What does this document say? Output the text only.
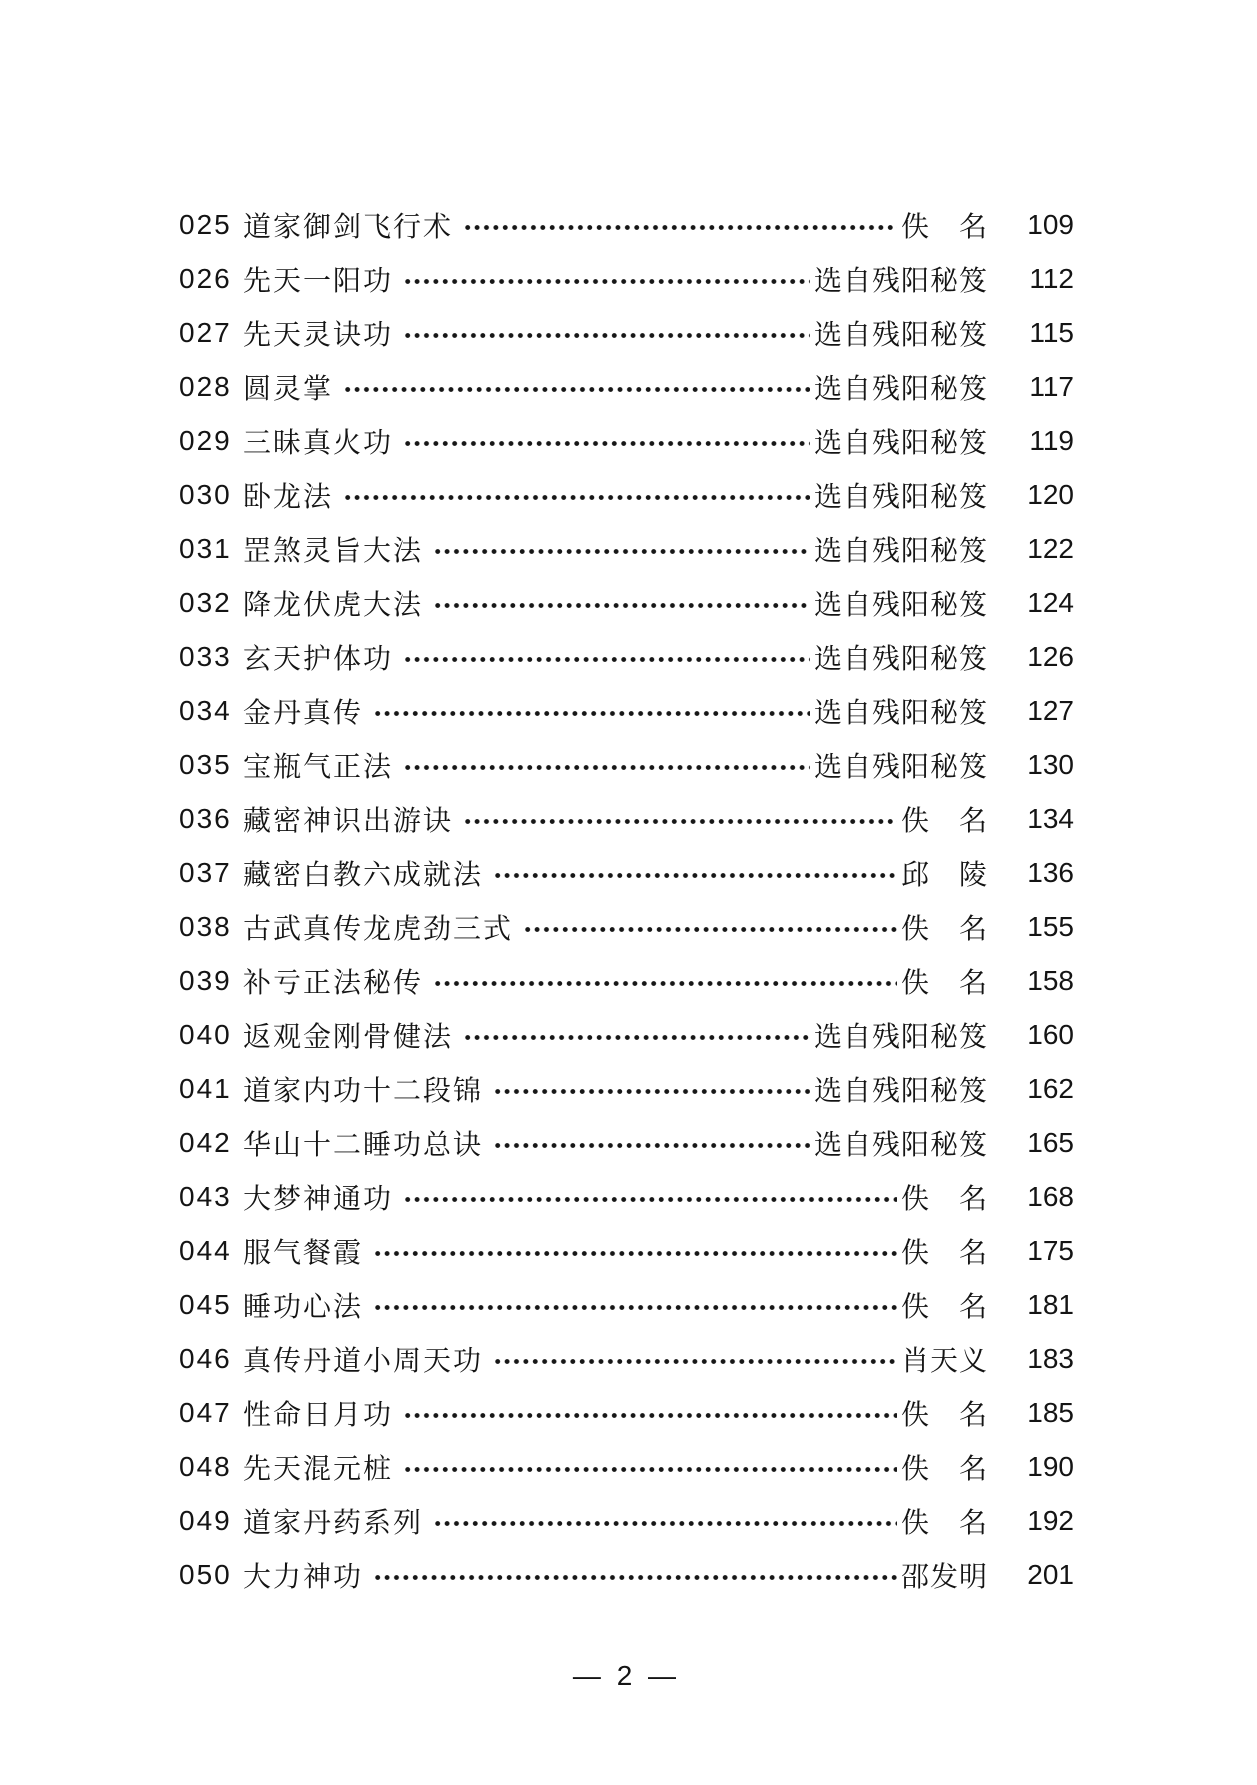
025 道家御剑飞行术	佚　名 109
026 先天一阳功	选自残阳秘笈	112
027 先天灵诀功	选自残阳秘笈	115
028 圆灵掌	选自残阳秘笈	117
029 三昧真火功	选自残阳秘笈	119
030 卧龙法	选自残阳秘笈 120
031 罡煞灵旨大法	选自残阳秘笈 122
032 降龙伏虎大法	选自残阳秘笈 124
033 玄天护体功	选自残阳秘笈 126
034 金丹真传	选自残阳秘笈 127
035 宝瓶气正法	选自残阳秘笈 130
036 藏密神识出游诀	佚　名 134
037 藏密白教六成就法	邱　陵 136
038 古武真传龙虎劲三式	佚　名 155
039 补亏正法秘传	佚　名 158
040 返观金刚骨健法	选自残阳秘笈 160
041 道家内功十二段锦	选自残阳秘笈 162
042 华山十二睡功总诀	选自残阳秘笈 165
043 大梦神通功	佚　名 168
044 服气餐霞	佚　名 175
045 睡功心法	佚　名 181
046 真传丹道小周天功	肖天义 183
047 性命日月功	佚　名 185
048 先天混元桩	佚　名 190
049 道家丹药系列	佚　名 192
050 大力神功	邵发明 201
— 2 —
